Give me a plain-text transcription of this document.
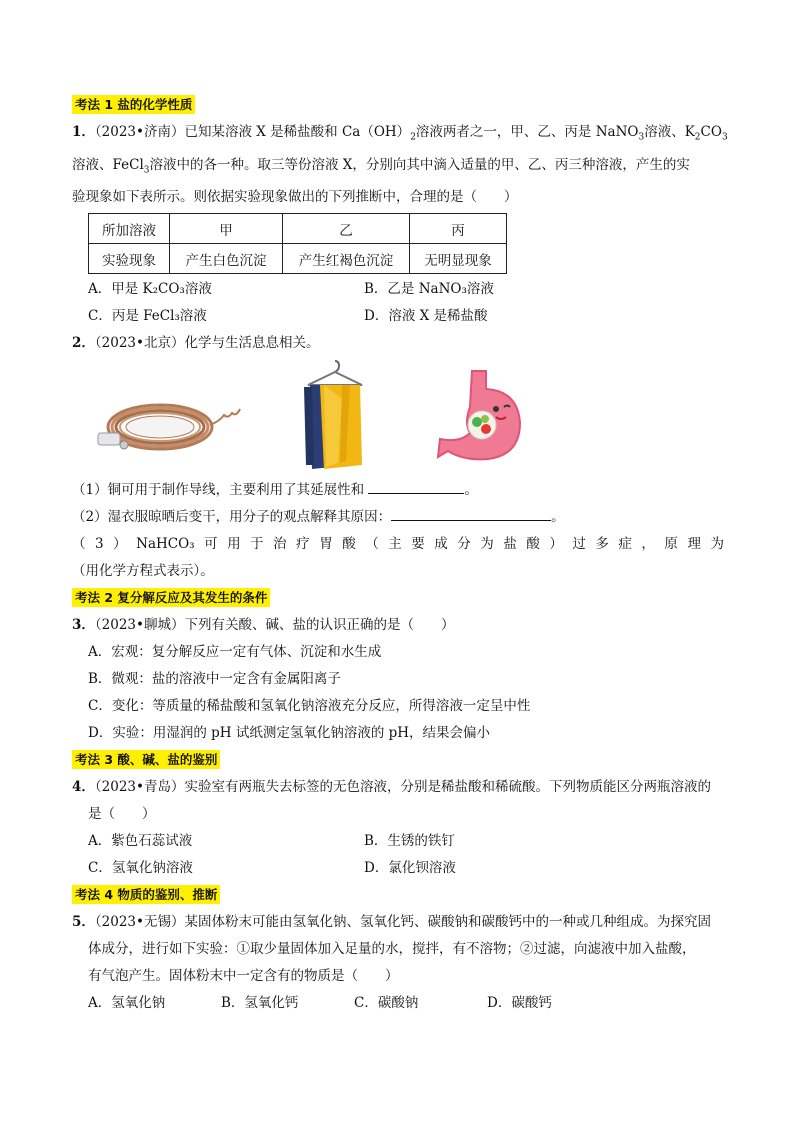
考法 1 盐的化学性质
1．（2023•济南）已知某溶液 X 是稀盐酸和 $Ca(OH)_2$溶液两者之一，甲、乙、丙是 NaNO$_3$溶液、$K_2CO_3$
溶液、FeCl$_3$溶液中的各一种。取三等份溶液 X，分别向其中滴入适量的甲、乙、丙三种溶液，产生的实
验现象如下表所示。则依据实验现象做出的下列推断中，合理的是（　　）
所加溶液	甲	乙	丙
实验现象	产生白色沉淀	产生红褐色沉淀	无明显现象
A．甲是 K₂CO₃溶液	B．乙是 NaNO₃溶液
C．丙是 FeCl₃溶液	D．溶液 X 是稀盐酸
2．（2023•北京）化学与生活息息相关。
（1）铜可用于制作导线，主要利用了其延展性和	。
（2）湿衣服晾晒后变干，用分子的观点解释其原因：	。
（ 3 ） NaHCO₃ 可 用 于 治 疗 胃 酸 （ 主 要 成 分 为 盐 酸 ） 过 多 症 ， 原 理 为
（用化学方程式表示）。
考法 2 复分解反应及其发生的条件
3．（2023•聊城）下列有关酸、碱、盐的认识正确的是（　　）
A．宏观：复分解反应一定有气体、沉淀和水生成
B．微观：盐的溶液中一定含有金属阳离子
C．变化：等质量的稀盐酸和氢氧化钠溶液充分反应，所得溶液一定呈中性
D．实验：用湿润的 pH 试纸测定氢氧化钠溶液的 pH，结果会偏小
考法 3 酸、碱、盐的鉴别
4．（2023•青岛）实验室有两瓶失去标签的无色溶液，分别是稀盐酸和稀硫酸。下列物质能区分两瓶溶液的
是（　　）
A．紫色石蕊试液	B．生锈的铁钉
C．氢氧化钠溶液	D．氯化钡溶液
考法 4 物质的鉴别、推断
5．（2023•无锡）某固体粉末可能由氢氧化钠、氢氧化钙、碳酸钠和碳酸钙中的一种或几种组成。为探究固
体成分，进行如下实验：①取少量固体加入足量的水，搅拌，有不溶物；②过滤，向滤液中加入盐酸，
有气泡产生。固体粉末中一定含有的物质是（　　）
A．氢氧化钠	B．氢氧化钙	C．碳酸钠	D．碳酸钙
